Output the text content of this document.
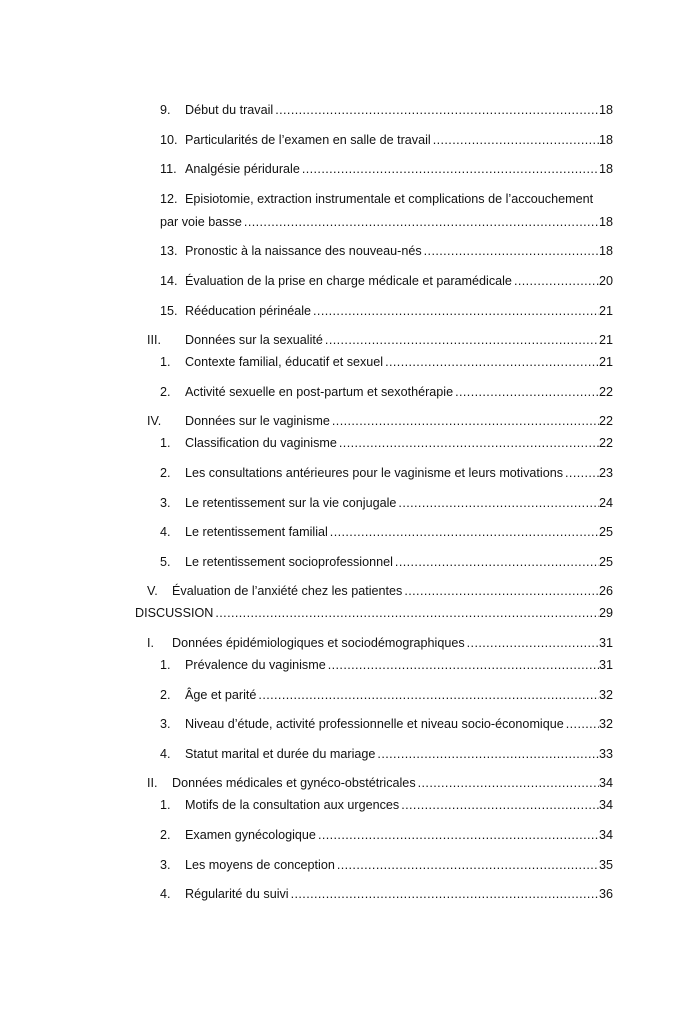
9. Début du travail .....	18
10. Particularités de l’examen en salle de travail .....	18
11. Analgésie péridurale .....	18
12. Episiotomie, extraction instrumentale et complications de l’accouchement
par voie basse .....	18
13. Pronostic à la naissance des nouveau-nés .....	18
14. Évaluation de la prise en charge médicale et paramédicale .....	20
15. Rééducation périnéale .....	21
III. Données sur la sexualité .....	21
1. Contexte familial, éducatif et sexuel .....	21
2. Activité sexuelle en post-partum et sexothérapie .....	22
IV. Données sur le vaginisme .....	22
1. Classification du vaginisme .....	22
2. Les consultations antérieures pour le vaginisme et leurs motivations .....	23
3. Le retentissement sur la vie conjugale .....	24
4. Le retentissement familial .....	25
5. Le retentissement socioprofessionnel .....	25
V. Évaluation de l’anxiété chez les patientes .....	26
DISCUSSION .....	29
I. Données épidémiologiques et sociodémographiques .....	31
1. Prévalence du vaginisme .....	31
2. Âge et parité .....	32
3. Niveau d’étude, activité professionnelle et niveau socio-économique .....	32
4. Statut marital et durée du mariage .....	33
II. Données médicales et gynéco-obstétricales .....	34
1. Motifs de la consultation aux urgences .....	34
2. Examen gynécologique .....	34
3. Les moyens de conception .....	35
4. Régularité du suivi .....	36
